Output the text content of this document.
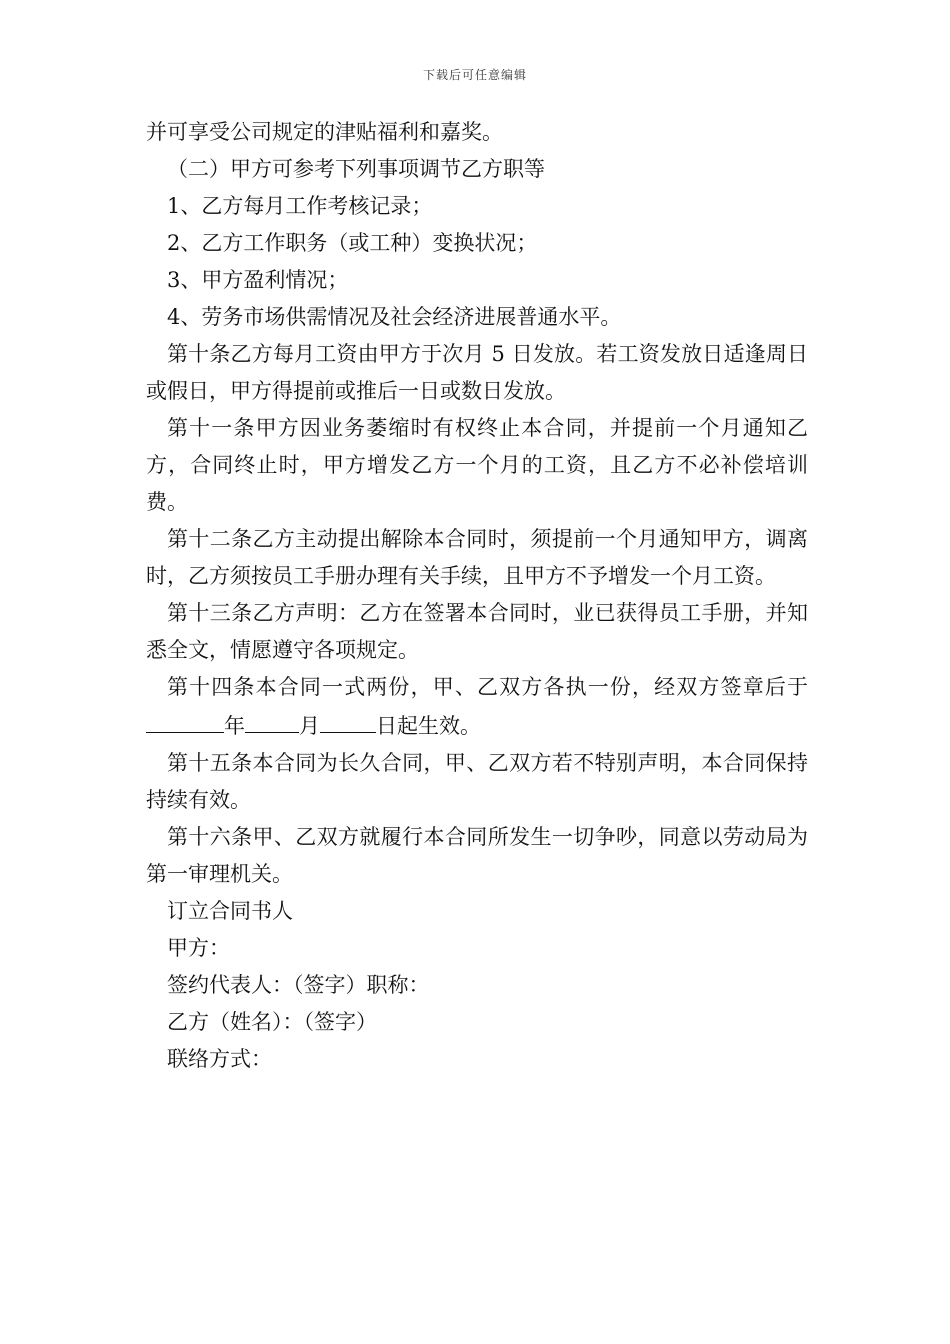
下载后可任意编辑

并可享受公司规定的津贴福利和嘉奖。

（二）甲方可参考下列事项调节乙方职等

1、乙方每月工作考核记录；

2、乙方工作职务（或工种）变换状况；

3、甲方盈利情况；

4、劳务市场供需情况及社会经济进展普通水平。

第十条乙方每月工资由甲方于次月 5 日发放。若工资发放日适逢周日或假日，甲方得提前或推后一日或数日发放。

第十一条甲方因业务萎缩时有权终止本合同，并提前一个月通知乙方，合同终止时，甲方增发乙方一个月的工资，且乙方不必补偿培训费。

第十二条乙方主动提出解除本合同时，须提前一个月通知甲方，调离时，乙方须按员工手册办理有关手续，且甲方不予增发一个月工资。

第十三条乙方声明：乙方在签署本合同时，业已获得员工手册，并知悉全文，情愿遵守各项规定。

第十四条本合同一式两份，甲、乙双方各执一份，经双方签章后于年	月	日起生效。

第十五条本合同为长久合同，甲、乙双方若不特别声明，本合同保持持续有效。

第十六条甲、乙双方就履行本合同所发生一切争吵，同意以劳动局为第一审理机关。

订立合同书人

甲方：

签约代表人：（签字）职称：

乙方（姓名）：（签字）

联络方式：
